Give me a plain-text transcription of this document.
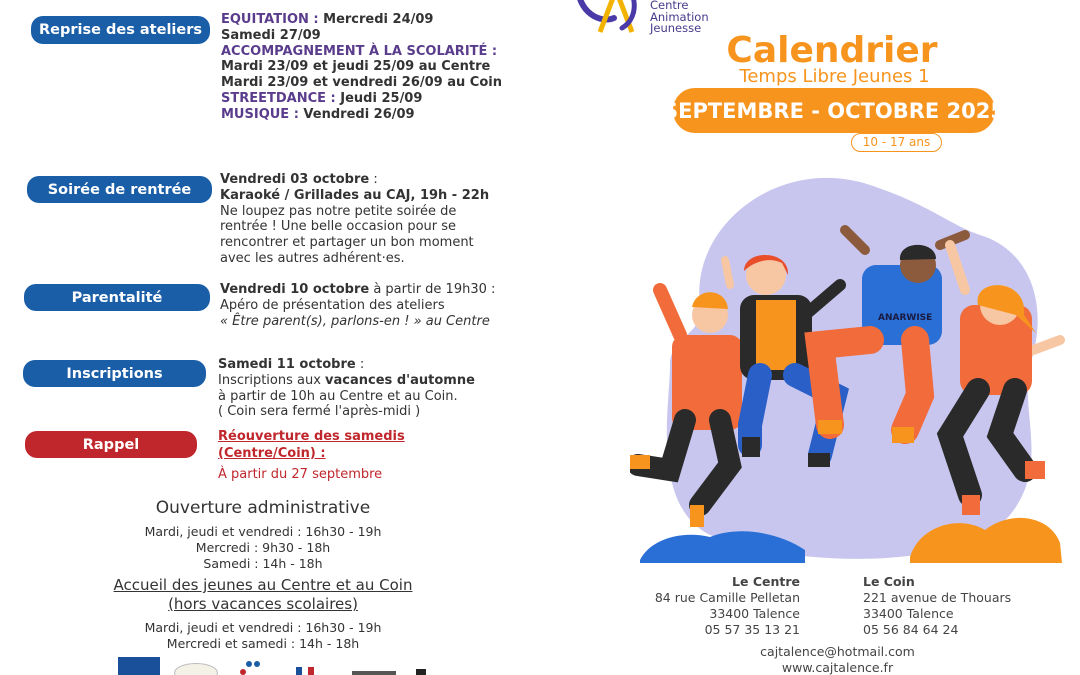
Reprise des ateliers
EQUITATION : Mercredi 24/09
Samedi 27/09
ACCOMPAGNEMENT À LA SCOLARITÉ :
Mardi 23/09 et jeudi 25/09 au Centre
Mardi 23/09 et vendredi 26/09 au Coin
STREETDANCE : Jeudi 25/09
MUSIQUE : Vendredi 26/09
Soirée de rentrée
Vendredi 03 octobre :
Karaoké / Grillades au CAJ, 19h - 22h
Ne loupez pas notre petite soirée de
rentrée ! Une belle occasion pour se
rencontrer et partager un bon moment
avec les autres adhérent·es.
Parentalité	Vendredi 10 octobre à partir de 19h30 :
Apéro de présentation des ateliers
« Être parent(s), parlons-en ! » au Centre
Inscriptions
Samedi 11 octobre :
Inscriptions aux vacances d'automne
à partir de 10h au Centre et au Coin.
( Coin sera fermé l'après-midi )
Rappel	Réouverture des samedis
(Centre/Coin) :
À partir du 27 septembre
Ouverture administrative
Mardi, jeudi et vendredi : 16h30 - 19h
Mercredi : 9h30 - 18h
Samedi : 14h - 18h
Accueil des jeunes au Centre et au Coin
(hors vacances scolaires)
Mardi, jeudi et vendredi : 16h30 - 19h
Mercredi et samedi : 14h - 18h
Centre
Animation
Jeunesse
Calendrier
Temps Libre Jeunes 1
SEPTEMBRE - OCTOBRE 2025
10 - 17 ans
ANARWISE
Le Centre
84 rue Camille Pelletan
33400 Talence
05 57 35 13 21
Le Coin
221 avenue de Thouars
33400 Talence
05 56 84 64 24
cajtalence@hotmail.com
www.cajtalence.fr
